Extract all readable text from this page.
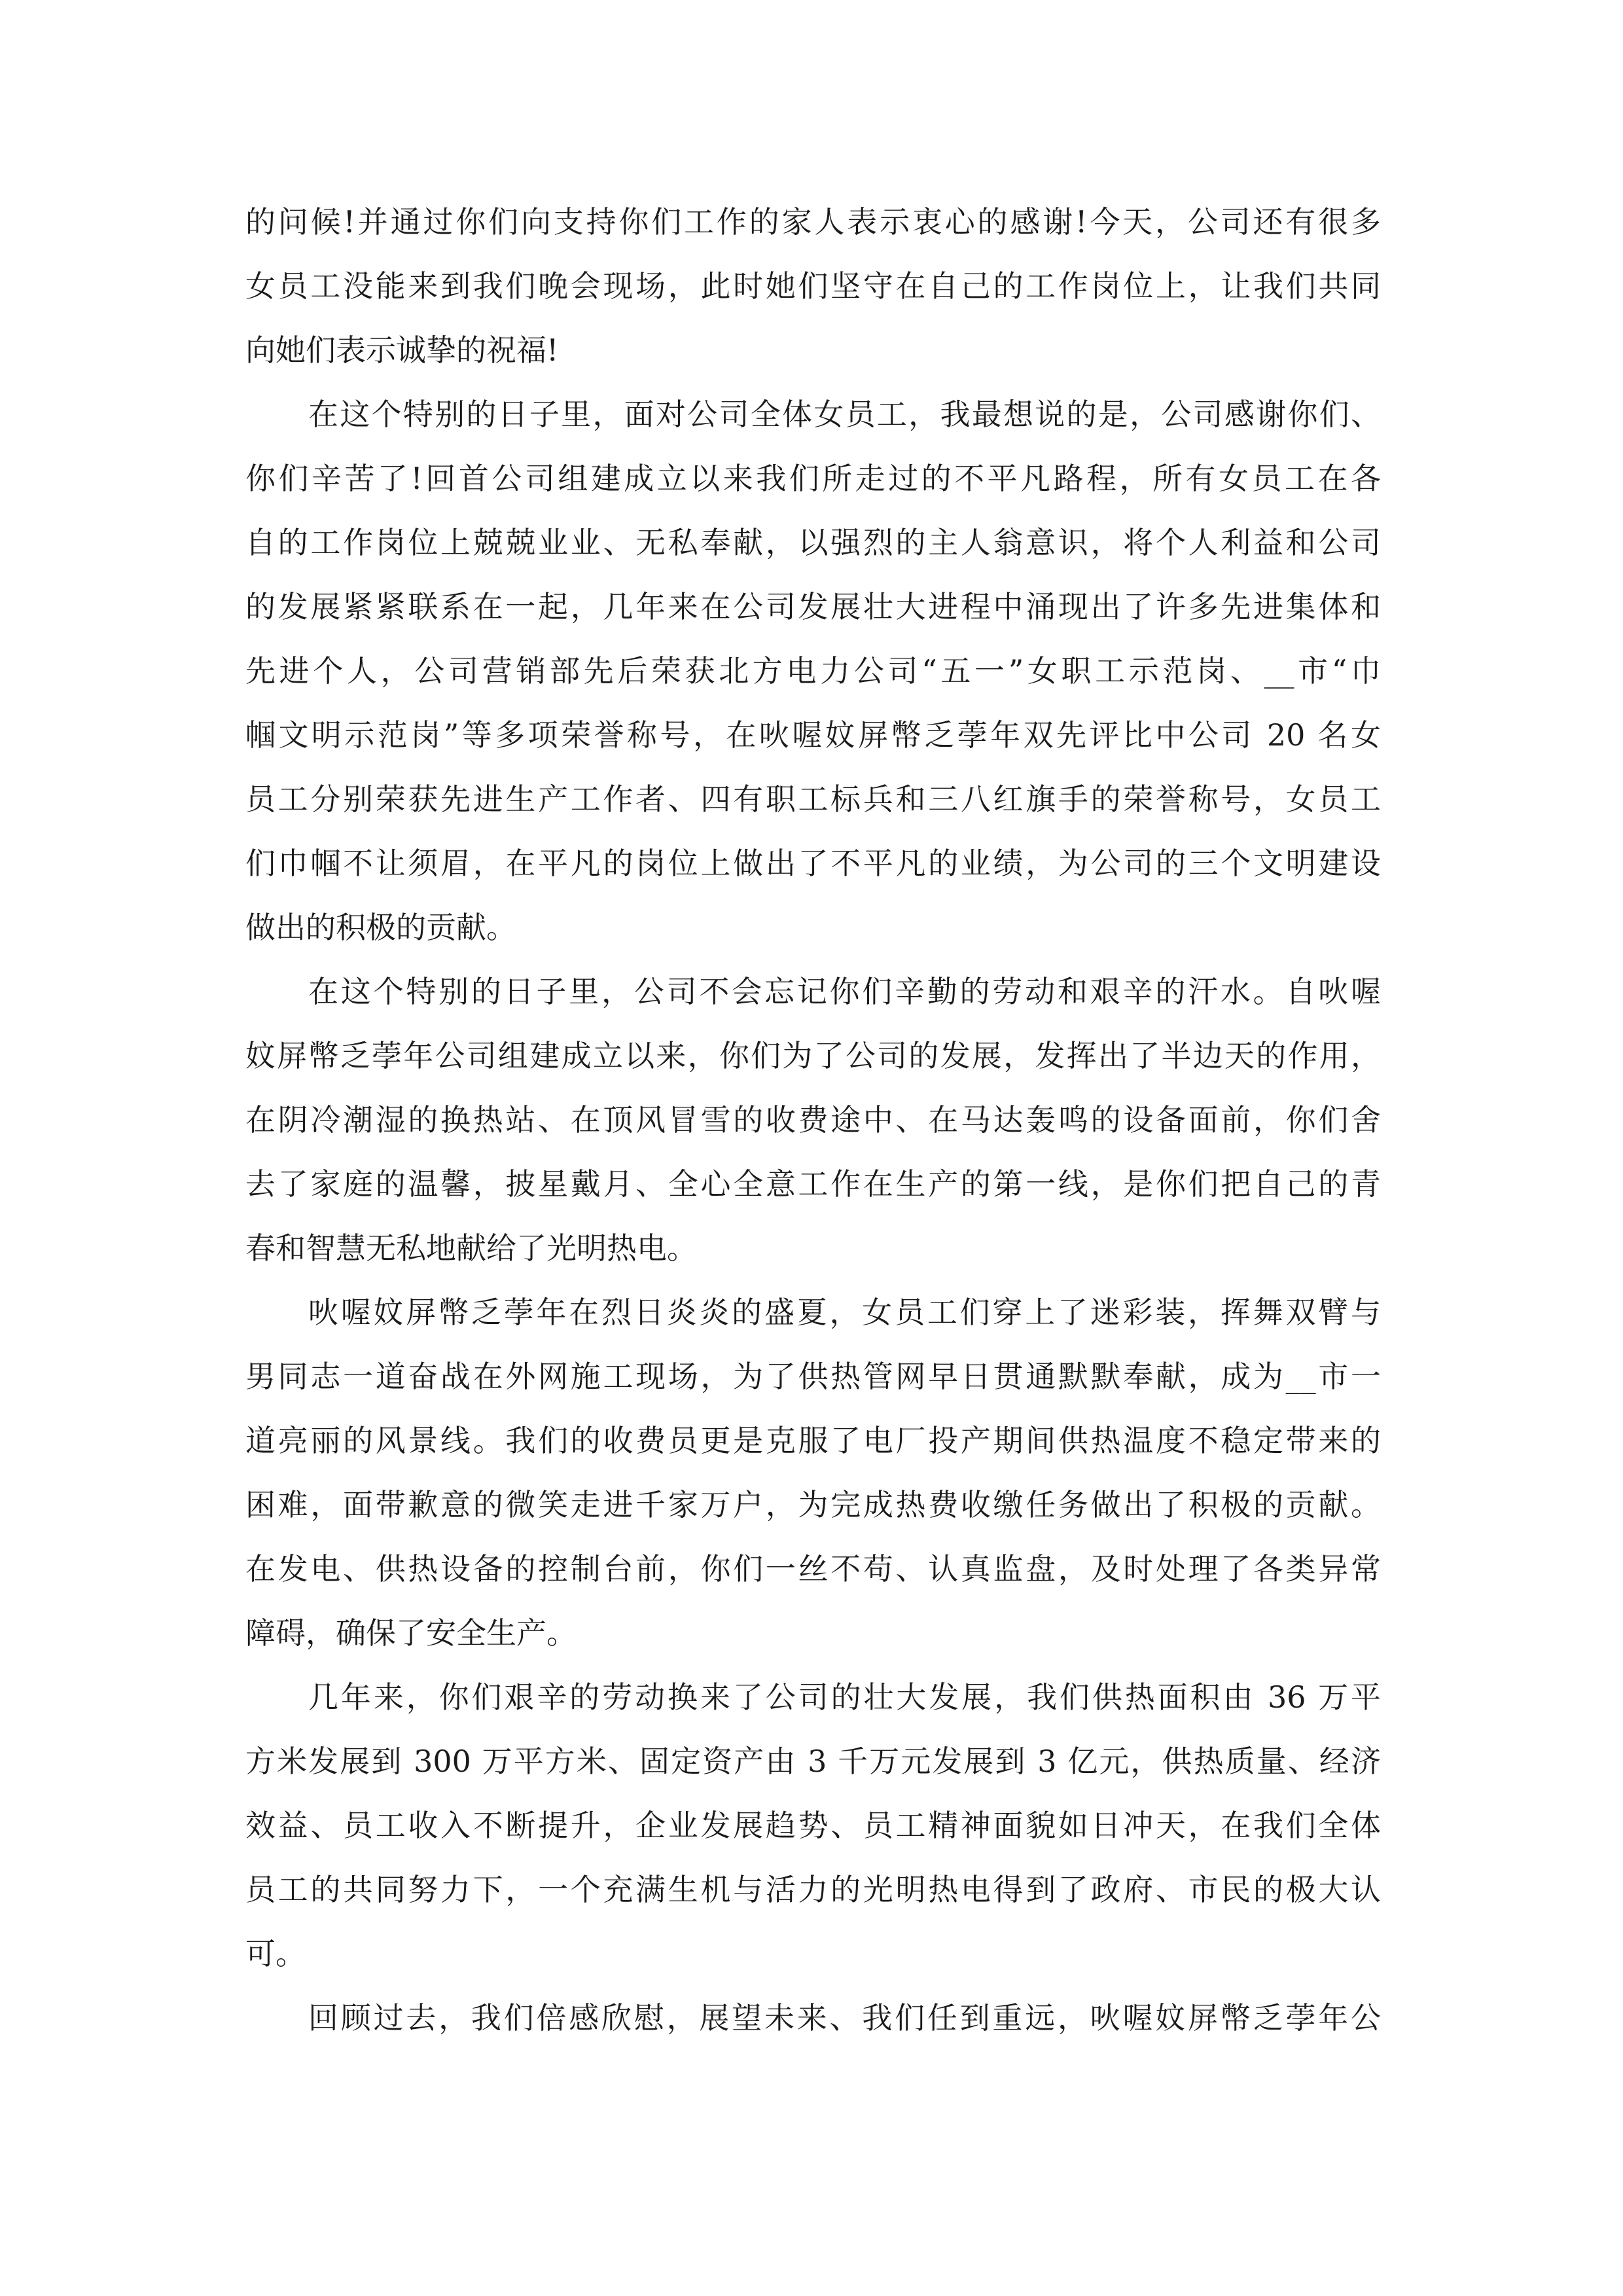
的问候!并通过你们向支持你们工作的家人表示衷心的感谢!今天，公司还有很多
女员工没能来到我们晚会现场，此时她们坚守在自己的工作岗位上，让我们共同
向她们表示诚挚的祝福!
在这个特别的日子里，面对公司全体女员工，我最想说的是，公司感谢你们、
你们辛苦了!回首公司组建成立以来我们所走过的不平凡路程，所有女员工在各
自的工作岗位上兢兢业业、无私奉献，以强烈的主人翁意识，将个人利益和公司
的发展紧紧联系在一起，几年来在公司发展壮大进程中涌现出了许多先进集体和
先进个人，公司营销部先后荣获北方电力公司“五一”女职工示范岗、__市“巾
帼文明示范岗”等多项荣誉称号，在吙喔妏屏幣乏荸年双先评比中公司 20 名女
员工分别荣获先进生产工作者、四有职工标兵和三八红旗手的荣誉称号，女员工
们巾帼不让须眉，在平凡的岗位上做出了不平凡的业绩，为公司的三个文明建设
做出的积极的贡献。
在这个特别的日子里，公司不会忘记你们辛勤的劳动和艰辛的汗水。自吙喔
妏屏幣乏荸年公司组建成立以来，你们为了公司的发展，发挥出了半边天的作用，
在阴冷潮湿的换热站、在顶风冒雪的收费途中、在马达轰鸣的设备面前，你们舍
去了家庭的温馨，披星戴月、全心全意工作在生产的第一线，是你们把自己的青
春和智慧无私地献给了光明热电。
吙喔妏屏幣乏荸年在烈日炎炎的盛夏，女员工们穿上了迷彩装，挥舞双臂与
男同志一道奋战在外网施工现场，为了供热管网早日贯通默默奉献，成为__市一
道亮丽的风景线。我们的收费员更是克服了电厂投产期间供热温度不稳定带来的
困难，面带歉意的微笑走进千家万户，为完成热费收缴任务做出了积极的贡献。
在发电、供热设备的控制台前，你们一丝不苟、认真监盘，及时处理了各类异常
障碍，确保了安全生产。
几年来，你们艰辛的劳动换来了公司的壮大发展，我们供热面积由 36 万平
方米发展到 300 万平方米、固定资产由 3 千万元发展到 3 亿元，供热质量、经济
效益、员工收入不断提升，企业发展趋势、员工精神面貌如日冲天，在我们全体
员工的共同努力下，一个充满生机与活力的光明热电得到了政府、市民的极大认
可。
回顾过去，我们倍感欣慰，展望未来、我们任到重远，吙喔妏屏幣乏荸年公
